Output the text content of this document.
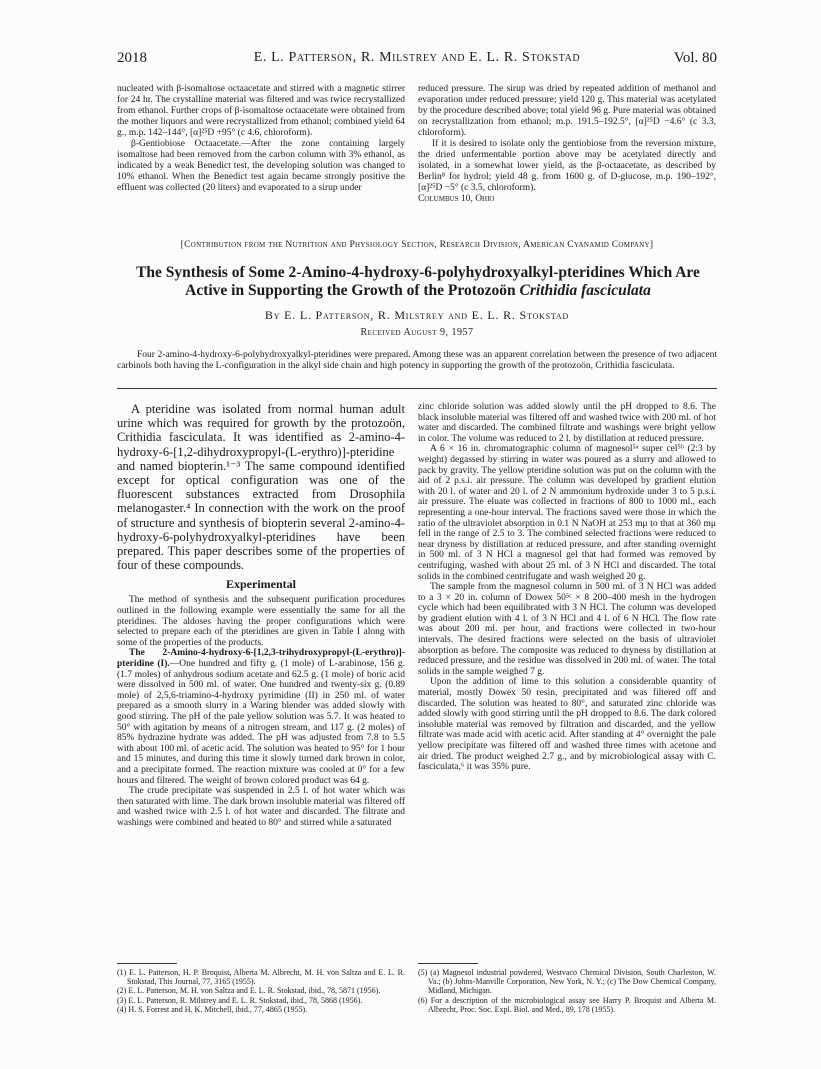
2018	E. L. Patterson, R. Milstrey and E. L. R. Stokstad	Vol. 80

nucleated with β-isomaltose octaacetate and stirred with a magnetic stirrer for 24 hr. The crystalline material was filtered and was twice recrystallized from ethanol. Further crops of β-isomaltose octaacetate were obtained from the mother liquors and were recrystallized from ethanol; combined yield 64 g., m.p. 142–144°, [α]²⁵D +95° (c 4.6, chloroform).

β-Gentiobiose Octaacetate.—After the zone containing largely isomaltose had been removed from the carbon column with 3% ethanol, as indicated by a weak Benedict test, the developing solution was changed to 10% ethanol. When the Benedict test again became strongly positive the effluent was collected (20 liters) and evaporated to a sirup under

reduced pressure. The sirup was dried by repeated addition of methanol and evaporation under reduced pressure; yield 120 g. This material was acetylated by the procedure described above; total yield 96 g. Pure material was obtained on recrystallization from ethanol; m.p. 191.5–192.5°, [α]²⁵D −4.6° (c 3.3, chloroform).

If it is desired to isolate only the gentiobiose from the reversion mixture, the dried unfermentable portion above may be acetylated directly and isolated, in a somewhat lower yield, as the β-octaacetate, as described by Berlin⁸ for hydrol; yield 48 g. from 1600 g. of D-glucose, m.p. 190–192°, [α]²⁵D −5° (c 3.5, chloroform).

Columbus 10, Ohio

[Contribution from the Nutrition and Physiology Section, Research Division, American Cyanamid Company]
The Synthesis of Some 2-Amino-4-hydroxy-6-polyhydroxyalkyl-pteridines Which Are
Active in Supporting the Growth of the Protozoön Crithidia fasciculata
By E. L. Patterson, R. Milstrey and E. L. R. Stokstad
Received August 9, 1957
Four 2-amino-4-hydroxy-6-polyhydroxyalkyl-pteridines were prepared. Among these was an apparent correlation between the presence of two adjacent carbinols both having the L-configuration in the alkyl side chain and high potency in supporting the growth of the protozoön, Crithidia fasciculata.

A pteridine was isolated from normal human adult urine which was required for growth by the protozoön, Crithidia fasciculata. It was identified as 2-amino-4-hydroxy-6-[1,2-dihydroxypropyl-(L-erythro)]-pteridine and named biopterin.¹⁻³ The same compound identified except for optical configuration was one of the fluorescent substances extracted from Drosophila melanogaster.⁴ In connection with the work on the proof of structure and synthesis of biopterin several 2-amino-4-hydroxy-6-polyhydroxyalkyl-pteridines have been prepared. This paper describes some of the properties of four of these compounds.

Experimental

The method of synthesis and the subsequent purification procedures outlined in the following example were essentially the same for all the pteridines. The aldoses having the proper configurations which were selected to prepare each of the pteridines are given in Table I along with some of the properties of the products.

The 2-Amino-4-hydroxy-6-[1,2,3-trihydroxypropyl-(L-erythro)]-pteridine (I).—One hundred and fifty g. (1 mole) of L-arabinose, 156 g. (1.7 moles) of anhydrous sodium acetate and 62.5 g. (1 mole) of boric acid were dissolved in 500 ml. of water. One hundred and twenty-six g. (0.89 mole) of 2,5,6-triamino-4-hydroxy pyrimidine (II) in 250 ml. of water prepared as a smooth slurry in a Waring blender was added slowly with good stirring. The pH of the pale yellow solution was 5.7. It was heated to 50° with agitation by means of a nitrogen stream, and 117 g. (2 moles) of 85% hydrazine hydrate was added. The pH was adjusted from 7.8 to 5.5 with about 100 ml. of acetic acid. The solution was heated to 95° for 1 hour and 15 minutes, and during this time it slowly turned dark brown in color, and a precipitate formed. The reaction mixture was cooled at 0° for a few hours and filtered. The weight of brown colored product was 64 g.

The crude precipitate was suspended in 2.5 l. of hot water which was then saturated with lime. The dark brown insoluble material was filtered off and washed twice with 2.5 l. of hot water and discarded. The filtrate and washings were combined and heated to 80° and stirred while a saturated

zinc chloride solution was added slowly until the pH dropped to 8.6. The black insoluble material was filtered off and washed twice with 200 ml. of hot water and discarded. The combined filtrate and washings were bright yellow in color. The volume was reduced to 2 l. by distillation at reduced pressure.

A 6 × 16 in. chromatographic column of magnesol⁵ᵃ super cel⁵ᵇ (2:3 by weight) degassed by stirring in water was poured as a slurry and allowed to pack by gravity. The yellow pteridine solution was put on the column with the aid of 2 p.s.i. air pressure. The column was developed by gradient elution with 20 l. of water and 20 l. of 2 N ammonium hydroxide under 3 to 5 p.s.i. air pressure. The eluate was collected in fractions of 800 to 1000 ml., each representing a one-hour interval. The fractions saved were those in which the ratio of the ultraviolet absorption in 0.1 N NaOH at 253 mμ to that at 360 mμ fell in the range of 2.5 to 3. The combined selected fractions were reduced to near dryness by distillation at reduced pressure, and after standing overnight in 500 ml. of 3 N HCl a magnesol gel that had formed was removed by centrifuging, washed with about 25 ml. of 3 N HCl and discarded. The total solids in the combined centrifugate and wash weighed 20 g.

The sample from the magnesol column in 500 ml. of 3 N HCl was added to a 3 × 20 in. column of Dowex 50⁵ᶜ × 8 200–400 mesh in the hydrogen cycle which had been equilibrated with 3 N HCl. The column was developed by gradient elution with 4 l. of 3 N HCl and 4 l. of 6 N HCl. The flow rate was about 200 ml. per hour, and fractions were collected in two-hour intervals. The desired fractions were selected on the basis of ultraviolet absorption as before. The composite was reduced to dryness by distillation at reduced pressure, and the residue was dissolved in 200 ml. of water. The total solids in the sample weighed 7 g.

Upon the addition of lime to this solution a considerable quantity of material, mostly Dowex 50 resin, precipitated and was filtered off and discarded. The solution was heated to 80°, and saturated zinc chloride was added slowly with good stirring until the pH dropped to 8.6. The dark colored insoluble material was removed by filtration and discarded, and the yellow filtrate was made acid with acetic acid. After standing at 4° overnight the pale yellow precipitate was filtered off and washed three times with acetone and air dried. The product weighed 2.7 g., and by microbiological assay with C. fasciculata,⁶ it was 35% pure.

(1) E. L. Patterson, H. P. Broquist, Alberta M. Albrecht, M. H. von Saltza and E. L. R. Stokstad, This Journal, 77, 3165 (1955).

(2) E. L. Patterson, M. H. von Saltza and E. L. R. Stokstad, ibid., 78, 5871 (1956).

(3) E. L. Patterson, R. Milstrey and E. L. R. Stokstad, ibid., 78, 5868 (1956).

(4) H. S. Forrest and H. K. Mitchell, ibid., 77, 4865 (1955).

(5) (a) Magnesol industrial powdered, Westvaco Chemical Division, South Charleston, W. Va.; (b) Johns-Manville Corporation, New York, N. Y.; (c) The Dow Chemical Company, Midland, Michigan.

(6) For a description of the microbiological assay see Harry P. Broquist and Alberta M. Albrecht, Proc. Soc. Expl. Biol. and Med., 89, 178 (1955).
